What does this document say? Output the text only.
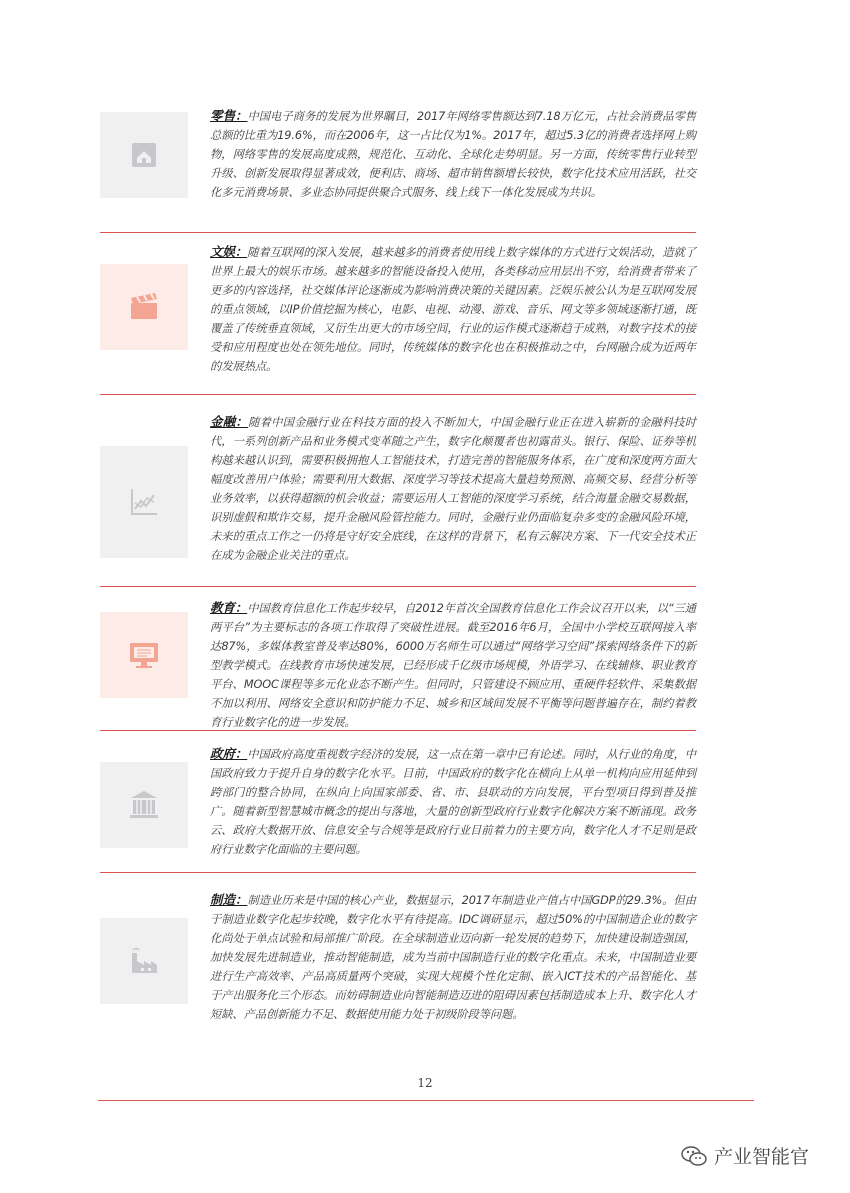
零售：中国电子商务的发展为世界瞩目，2017年网络零售额达到7.18万亿元，占社会消费品零售总额的比重为19.6%，而在2006年，这一占比仅为1%。2017年，超过5.3亿的消费者选择网上购物，网络零售的发展高度成熟，规范化、互动化、全球化走势明显。另一方面，传统零售行业转型升级、创新发展取得显著成效，便利店、商场、超市销售额增长较快，数字化技术应用活跃，社交化多元消费场景、多业态协同提供聚合式服务、线上线下一体化发展成为共识。
文娱：随着互联网的深入发展，越来越多的消费者使用线上数字媒体的方式进行文娱活动，造就了世界上最大的娱乐市场。越来越多的智能设备投入使用，各类移动应用层出不穷，给消费者带来了更多的内容选择，社交媒体评论逐渐成为影响消费决策的关键因素。泛娱乐被公认为是互联网发展的重点领域，以IP价值挖掘为核心，电影、电视、动漫、游戏、音乐、网文等多领域逐渐打通，既覆盖了传统垂直领域，又衍生出更大的市场空间，行业的运作模式逐渐趋于成熟，对数字技术的接受和应用程度也处在领先地位。同时，传统媒体的数字化也在积极推动之中，台网融合成为近两年的发展热点。
金融：随着中国金融行业在科技方面的投入不断加大，中国金融行业正在进入崭新的金融科技时代，一系列创新产品和业务模式变革随之产生，数字化颠覆者也初露苗头。银行、保险、证券等机构越来越认识到，需要积极拥抱人工智能技术，打造完善的智能服务体系，在广度和深度两方面大幅度改善用户体验；需要利用大数据、深度学习等技术提高大量趋势预测、高频交易、经营分析等业务效率，以获得超额的机会收益；需要运用人工智能的深度学习系统，结合海量金融交易数据，识别虚假和欺诈交易，提升金融风险管控能力。同时，金融行业仍面临复杂多变的金融风险环境，未来的重点工作之一仍将是守好安全底线，在这样的背景下，私有云解决方案、下一代安全技术正在成为金融企业关注的重点。
教育：中国教育信息化工作起步较早，自2012年首次全国教育信息化工作会议召开以来，以“三通两平台”为主要标志的各项工作取得了突破性进展。截至2016年6月，全国中小学校互联网接入率达87%，多媒体教室普及率达80%，6000万名师生可以通过“网络学习空间”探索网络条件下的新型教学模式。在线教育市场快速发展，已经形成千亿级市场规模，外语学习、在线辅修、职业教育平台、MOOC课程等多元化业态不断产生。但同时，只管建设不顾应用、重硬件轻软件、采集数据不加以利用、网络安全意识和防护能力不足、城乡和区域间发展不平衡等问题普遍存在，制约着教育行业数字化的进一步发展。
政府：中国政府高度重视数字经济的发展，这一点在第一章中已有论述。同时，从行业的角度，中国政府致力于提升自身的数字化水平。目前，中国政府的数字化在横向上从单一机构向应用延伸到跨部门的整合协同，在纵向上向国家部委、省、市、县联动的方向发展，平台型项目得到普及推广。随着新型智慧城市概念的提出与落地，大量的创新型政府行业数字化解决方案不断涌现。政务云、政府大数据开放、信息安全与合规等是政府行业目前着力的主要方向，数字化人才不足则是政府行业数字化面临的主要问题。
制造：制造业历来是中国的核心产业，数据显示，2017年制造业产值占中国GDP的29.3%。但由于制造业数字化起步较晚，数字化水平有待提高。IDC调研显示，超过50%的中国制造企业的数字化尚处于单点试验和局部推广阶段。在全球制造业迈向新一轮发展的趋势下，加快建设制造强国，加快发展先进制造业，推动智能制造，成为当前中国制造行业的数字化重点。未来，中国制造业要进行生产高效率、产品高质量两个突破，实现大规模个性化定制、嵌入ICT技术的产品智能化、基于产出服务化三个形态。而妨碍制造业向智能制造迈进的阻碍因素包括制造成本上升、数字化人才短缺、产品创新能力不足、数据使用能力处于初级阶段等问题。
12
产业智能官
